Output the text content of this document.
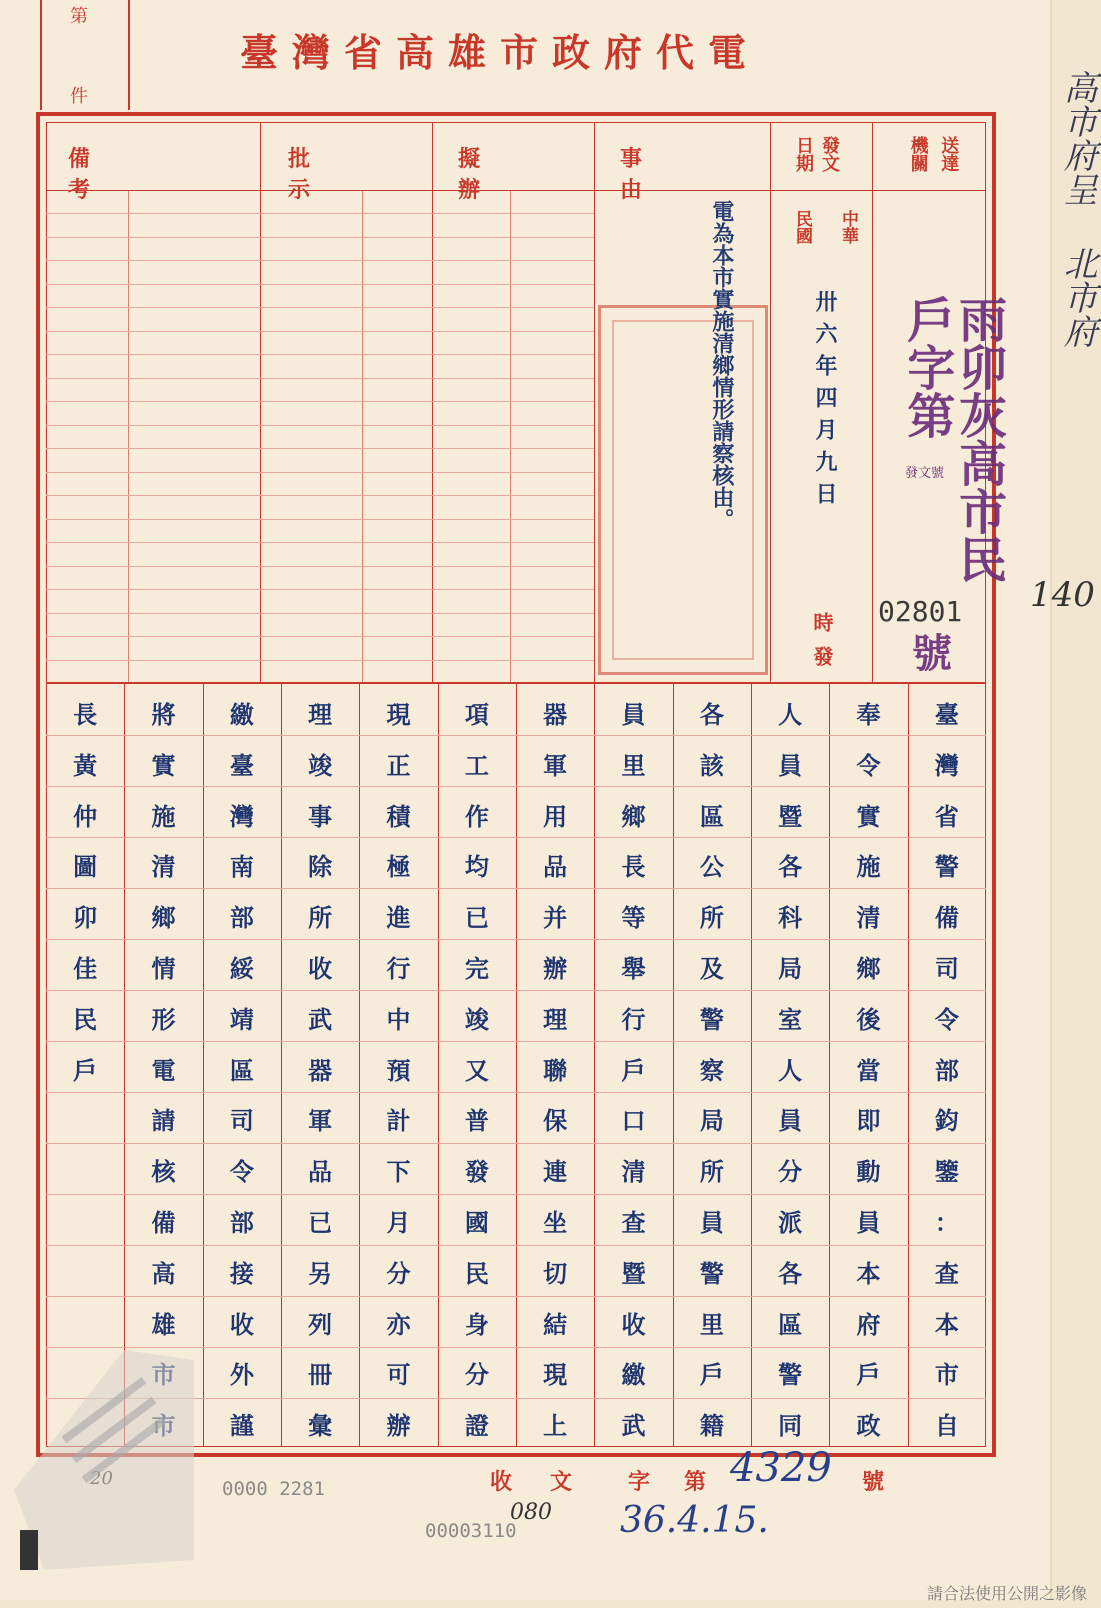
第
件
臺灣省高雄市政府代電
送達機關
發文日期
事由
擬辦
批示
備考
電為本市實施清鄉情形請察核由。	中華
民國
卅六年四月九日
時發
雨卯灰高市民戶字第
發文號
02801
號
臺
灣
省
警
備
司
令
部
鈞
鑒
：
查
本
市
自
奉
令
實
施
清
鄉
後
當
即
動
員
本
府
戶
政
人
員
暨
各
科
局
室
人
員
分
派
各
區
警
同
各
該
區
公
所
及
警
察
局
所
員
警
里
戶
籍
員
里
鄉
長
等
舉
行
戶
口
清
查
暨
收
繳
武
器
軍
用
品
并
辦
理
聯
保
連
坐
切
結
現
上
項
工
作
均
已
完
竣
又
普
發
國
民
身
分
證
現
正
積
極
進
行
中
預
計
下
月
分
亦
可
辦
理
竣
事
除
所
收
武
器
軍
品
已
另
列
冊
彙
繳
臺
灣
南
部
綏
靖
區
司
令
部
接
收
外
謹
將
實
施
清
鄉
情
形
電
請
核
備
高
雄
長
黃
仲
圖
卯
佳
民
戶
收文 字第	號
4329
36.4.15.
0000 2281
00003110
080
高市府呈 北市府
140
請合法使用公開之影像
